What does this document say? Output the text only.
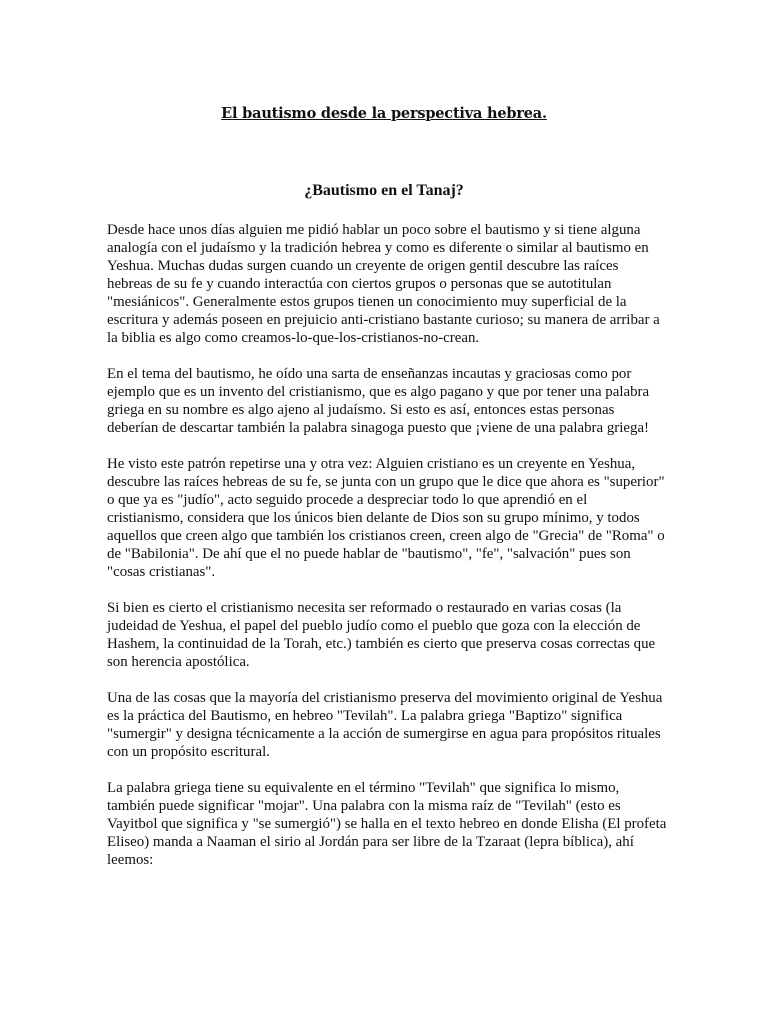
El bautismo desde la perspectiva hebrea.
¿Bautismo en el Tanaj?

Desde hace unos días alguien me pidió hablar un poco sobre el bautismo y si tiene alguna analogía con el judaísmo y la tradición hebrea y como es diferente o similar al bautismo en Yeshua. Muchas dudas surgen cuando un creyente de origen gentil descubre las raíces hebreas de su fe y cuando interactúa con ciertos grupos o personas que se autotitulan "mesiánicos". Generalmente estos grupos tienen un conocimiento muy superficial de la escritura y además poseen en prejuicio anti-cristiano bastante curioso; su manera de arribar a la biblia es algo como creamos-lo-que-los-cristianos-no-crean.

En el tema del bautismo, he oído una sarta de enseñanzas incautas y graciosas como por ejemplo que es un invento del cristianismo, que es algo pagano y que por tener una palabra griega en su nombre es algo ajeno al judaísmo. Si esto es así, entonces estas personas deberían de descartar también la palabra sinagoga puesto que ¡viene de una palabra griega!

He visto este patrón repetirse una y otra vez: Alguien cristiano es un creyente en Yeshua, descubre las raíces hebreas de su fe, se junta con un grupo que le dice que ahora es "superior" o que ya es "judío", acto seguido procede a despreciar todo lo que aprendió en el cristianismo, considera que los únicos bien delante de Dios son su grupo mínimo, y todos aquellos que creen algo que también los cristianos creen, creen algo de "Grecia" de "Roma" o de "Babilonia". De ahí que el no puede hablar de "bautismo", "fe", "salvación" pues son "cosas cristianas".

Si bien es cierto el cristianismo necesita ser reformado o restaurado en varias cosas (la judeidad de Yeshua, el papel del pueblo judío como el pueblo que goza con la elección de Hashem, la continuidad de la Torah, etc.) también es cierto que preserva cosas correctas que son herencia apostólica.

Una de las cosas que la mayoría del cristianismo preserva del movimiento original de Yeshua es la práctica del Bautismo, en hebreo "Tevilah". La palabra griega "Baptizo" significa "sumergir" y designa técnicamente a la acción de sumergirse en agua para propósitos rituales con un propósito escritural.

La palabra griega tiene su equivalente en el término "Tevilah" que significa lo mismo, también puede significar "mojar". Una palabra con la misma raíz de "Tevilah" (esto es Vayitbol que significa y "se sumergió") se halla en el texto hebreo en donde Elisha (El profeta Eliseo) manda a Naaman el sirio al Jordán para ser libre de la Tzaraat (lepra bíblica), ahí leemos:
